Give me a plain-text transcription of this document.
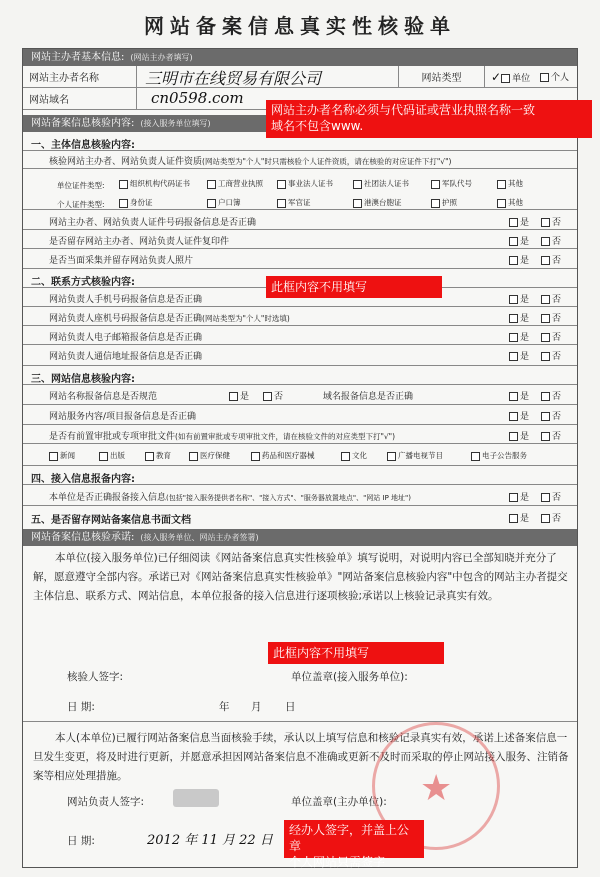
网站备案信息真实性核验单
网站主办者基本信息: (网站主办者填写)
网站主办者名称	三明市在线贸易有限公司	网站类型	✓ 单位	个人
网站域名	cn0598.com
网站备案信息核验内容: (接入服务单位填写)
一、主体信息核验内容:
核验网站主办者、网站负责人证件资质(网站类型为"个人"时只需核验个人证件资质，请在核验的对应证件下打"√")
单位证件类型:	组织机构代码证书	工商营业执照	事业法人证书	社团法人证书	军队代号	其他
个人证件类型:	身份证	户口簿	军官证	港澳台胞证	护照	其他
网站主办者、网站负责人证件号码报备信息是否正确	是	否
是否留存网站主办者、网站负责人证件复印件	是	否
是否当面采集并留存网站负责人照片	是	否
二、联系方式核验内容:
网站负责人手机号码报备信息是否正确	是	否
网站负责人座机号码报备信息是否正确(网站类型为"个人"时选填)	是	否
网站负责人电子邮箱报备信息是否正确	是	否
网站负责人通信地址报备信息是否正确	是	否
三、网站信息核验内容:
网站名称报备信息是否规范	是	否	域名报备信息是否正确	是	否
网站服务内容/项目报备信息是否正确	是	否
是否有前置审批或专项审批文件(如有前置审批或专项审批文件，请在核验文件的对应类型下打"√")	是	否
新闻	出版	教育	医疗保健	药品和医疗器械	文化	广播电视节目	电子公告服务
四、接入信息报备内容:
本单位是否正确报备接入信息(包括"接入服务提供者名称"、"接入方式"、"服务器放置地点"、"网站 IP 地址")	是	否
五、是否留存网站备案信息书面文档	是	否
网站备案信息核验承诺: (接入服务单位、网站主办者签署)
本单位(接入服务单位)已仔细阅读《网站备案信息真实性核验单》填写说明，对说明内容已全部知晓并充分了解，愿意遵守全部内容。承诺已对《网站备案信息真实性核验单》"网站备案信息核验内容"中包含的网站主办者提交主体信息、联系方式、网站信息，本单位报备的接入信息进行逐项核验;承诺以上核验记录真实有效。
核验人签字:	单位盖章(接入服务单位):
日 期:	年 月 日
本人(本单位)已履行网站备案信息当面核验手续，承认以上填写信息和核验记录真实有效，承诺上述备案信息一旦发生变更，将及时进行更新，并愿意承担因网站备案信息不准确或更新不及时而采取的停止网站接入服务、注销备案等相应处理措施。
网站负责人签字:	单位盖章(主办单位):
日 期:	2012 年 11 月 22 日
★
网站主办者名称必须与代码证或营业执照名称一致
域名不包含www.
此框内容不用填写
此框内容不用填写
经办人签字，并盖上公章
个人网站只需签字
